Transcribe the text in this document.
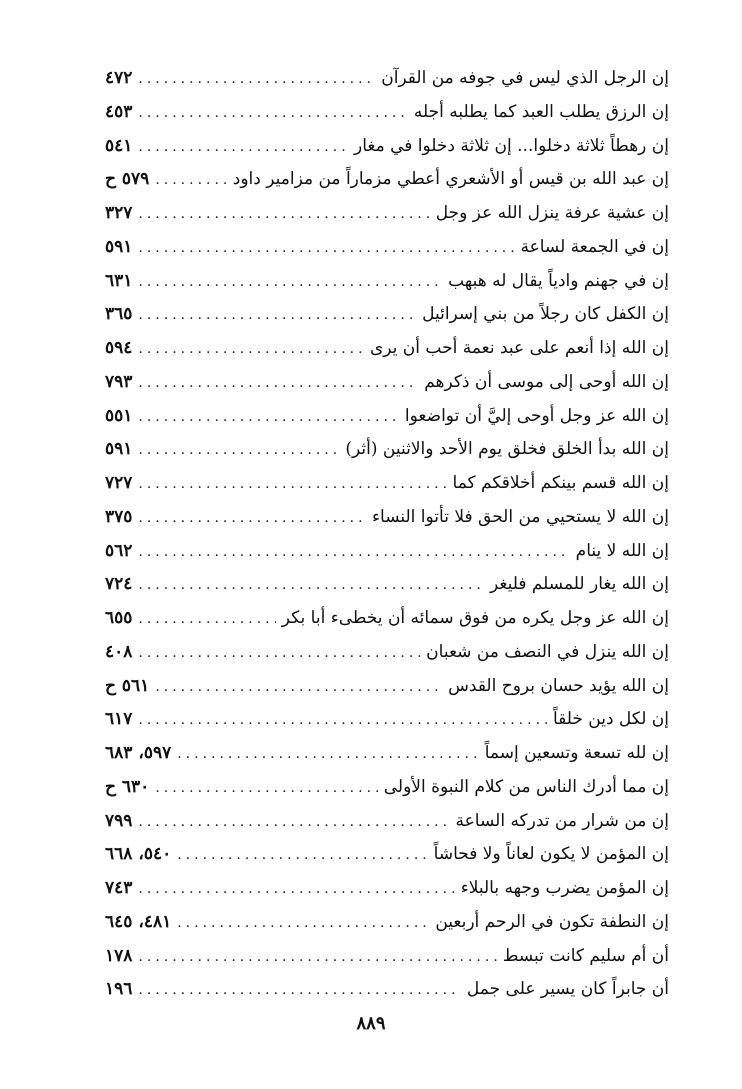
إن الرجل الذي ليس في جوفه من القرآن
.....
٤٧٢
إن الرزق يطلب العبد كما يطلبه أجله
.....
٤٥٣
إن رهطاً ثلاثة دخلوا... إن ثلاثة دخلوا في مغار
.....
٥٤١
إن عبد الله بن قيس أو الأشعري أعطي مزماراً من مزامير داود
.....
٥٧٩ ح
إن عشية عرفة ينزل الله عز وجل
.....
٣٢٧
إن في الجمعة لساعة
.....
٥٩١
إن في جهنم وادياً يقال له هبهب
.....
٦٣١
إن الكفل كان رجلاً من بني إسرائيل
.....
٣٦٥
إن الله إذا أنعم على عبد نعمة أحب أن يرى
.....
٥٩٤
إن الله أوحى إلى موسى أن ذكرهم
.....
٧٩٣
إن الله عز وجل أوحى إليَّ أن تواضعوا
.....
٥٥١
إن الله بدأ الخلق فخلق يوم الأحد والاثنين (أثر)
.....
٥٩١
إن الله قسم بينكم أخلاقكم كما
.....
٧٢٧
إن الله لا يستحيي من الحق فلا تأتوا النساء
.....
٣٧٥
إن الله لا ينام
.....
٥٦٢
إن الله يغار للمسلم فليغر
.....
٧٢٤
إن الله عز وجل يكره من فوق سمائه أن يخطىء أبا بكر
.....
٦٥٥
إن الله ينزل في النصف من شعبان
.....
٤٠٨
إن الله يؤيد حسان بروح القدس
.....
٥٦١ ح
إن لكل دين خلقاً
.....
٦١٧
إن لله تسعة وتسعين إسماً
.....
٥٩٧، ٦٨٣
إن مما أدرك الناس من كلام النبوة الأولى
.....
٦٣٠ ح
إن من شرار من تدركه الساعة
.....
٧٩٩
إن المؤمن لا يكون لعاناً ولا فحاشاً
.....
٥٤٠، ٦٦٨
إن المؤمن يضرب وجهه بالبلاء
.....
٧٤٣
إن النطفة تكون في الرحم أربعين
.....
٤٨١، ٦٤٥
أن أم سليم كانت تبسط
.....
١٧٨
أن جابراً كان يسير على جمل
.....
١٩٦
٨٨٩
